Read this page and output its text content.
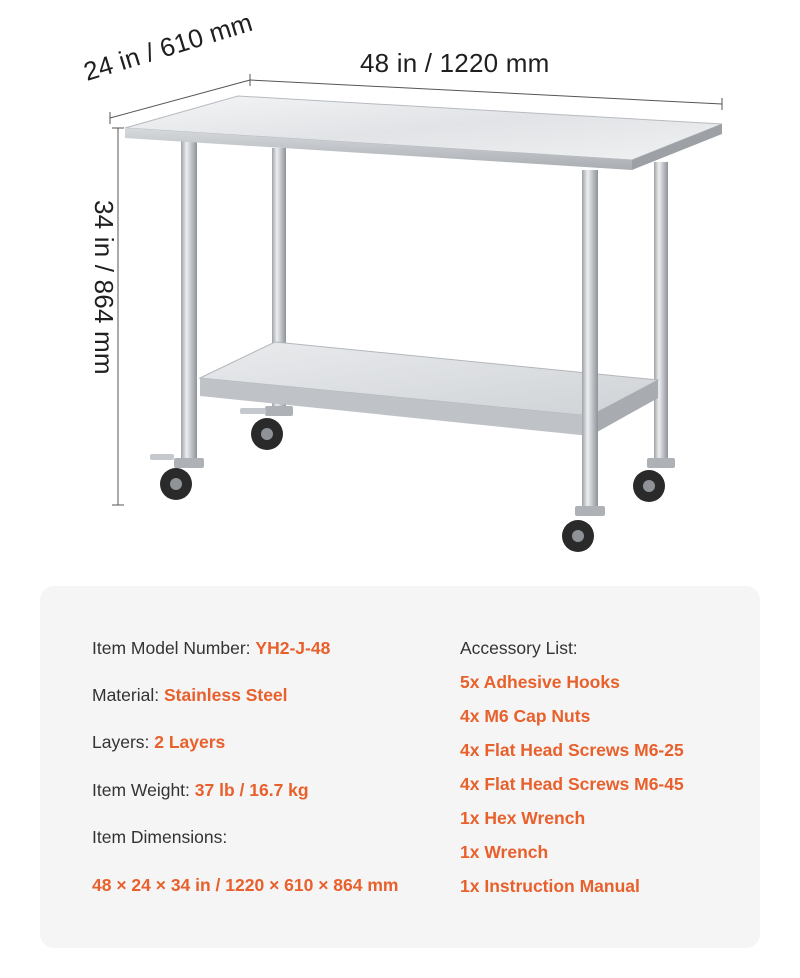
48 in / 1220 mm
24 in / 610 mm
34 in / 864 mm
Item Model Number: YH2-J-48
Material: Stainless Steel
Layers: 2 Layers
Item Weight: 37 lb / 16.7 kg
Item Dimensions:
48 × 24 × 34 in / 1220 × 610 × 864 mm
Accessory List:
5x Adhesive Hooks
4x M6 Cap Nuts
4x Flat Head Screws M6-25
4x Flat Head Screws M6-45
1x Hex Wrench
1x Wrench
1x Instruction Manual
